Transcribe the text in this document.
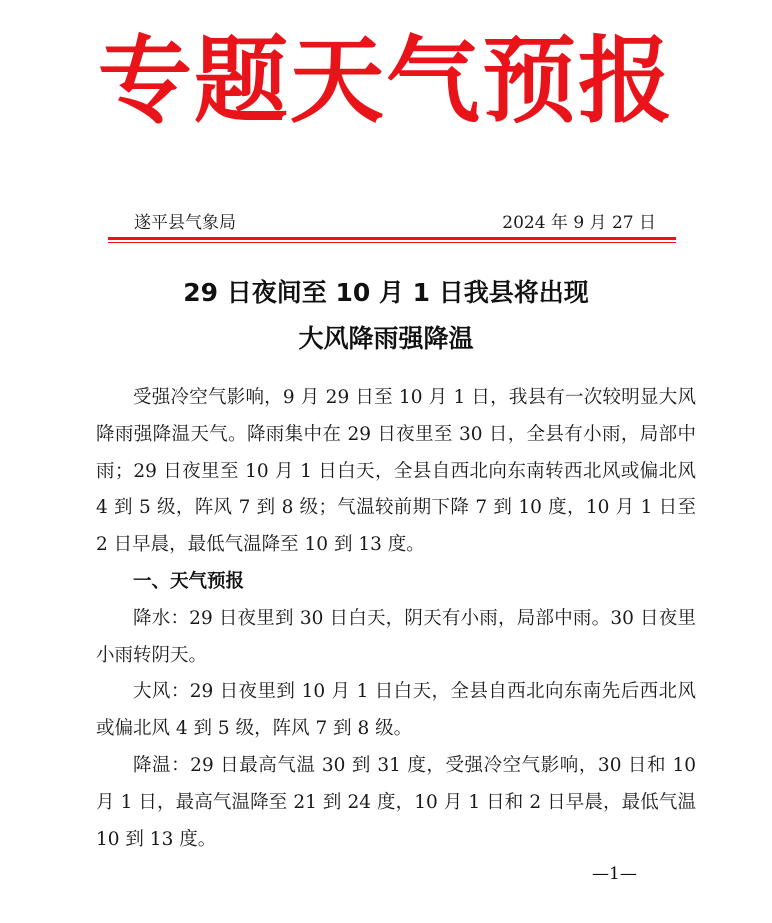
专题天气预报
遂平县气象局	2024 年 9 月 27 日
29 日夜间至 10 月 1 日我县将出现
大风降雨强降温

受强冷空气影响，9 月 29 日至 10 月 1 日，我县有一次较明显大风降雨强降温天气。降雨集中在 29 日夜里至 30 日，全县有小雨，局部中雨；29 日夜里至 10 月 1 日白天，全县自西北向东南转西北风或偏北风 4 到 5 级，阵风 7 到 8 级；气温较前期下降 7 到 10 度，10 月 1 日至 2 日早晨，最低气温降至 10 到 13 度。

一、天气预报

降水：29 日夜里到 30 日白天，阴天有小雨，局部中雨。30 日夜里小雨转阴天。

大风：29 日夜里到 10 月 1 日白天，全县自西北向东南先后西北风或偏北风 4 到 5 级，阵风 7 到 8 级。

降温：29 日最高气温 30 到 31 度，受强冷空气影响，30 日和 10 月 1 日，最高气温降至 21 到 24 度，10 月 1 日和 2 日早晨，最低气温 10 到 13 度。

—1—
